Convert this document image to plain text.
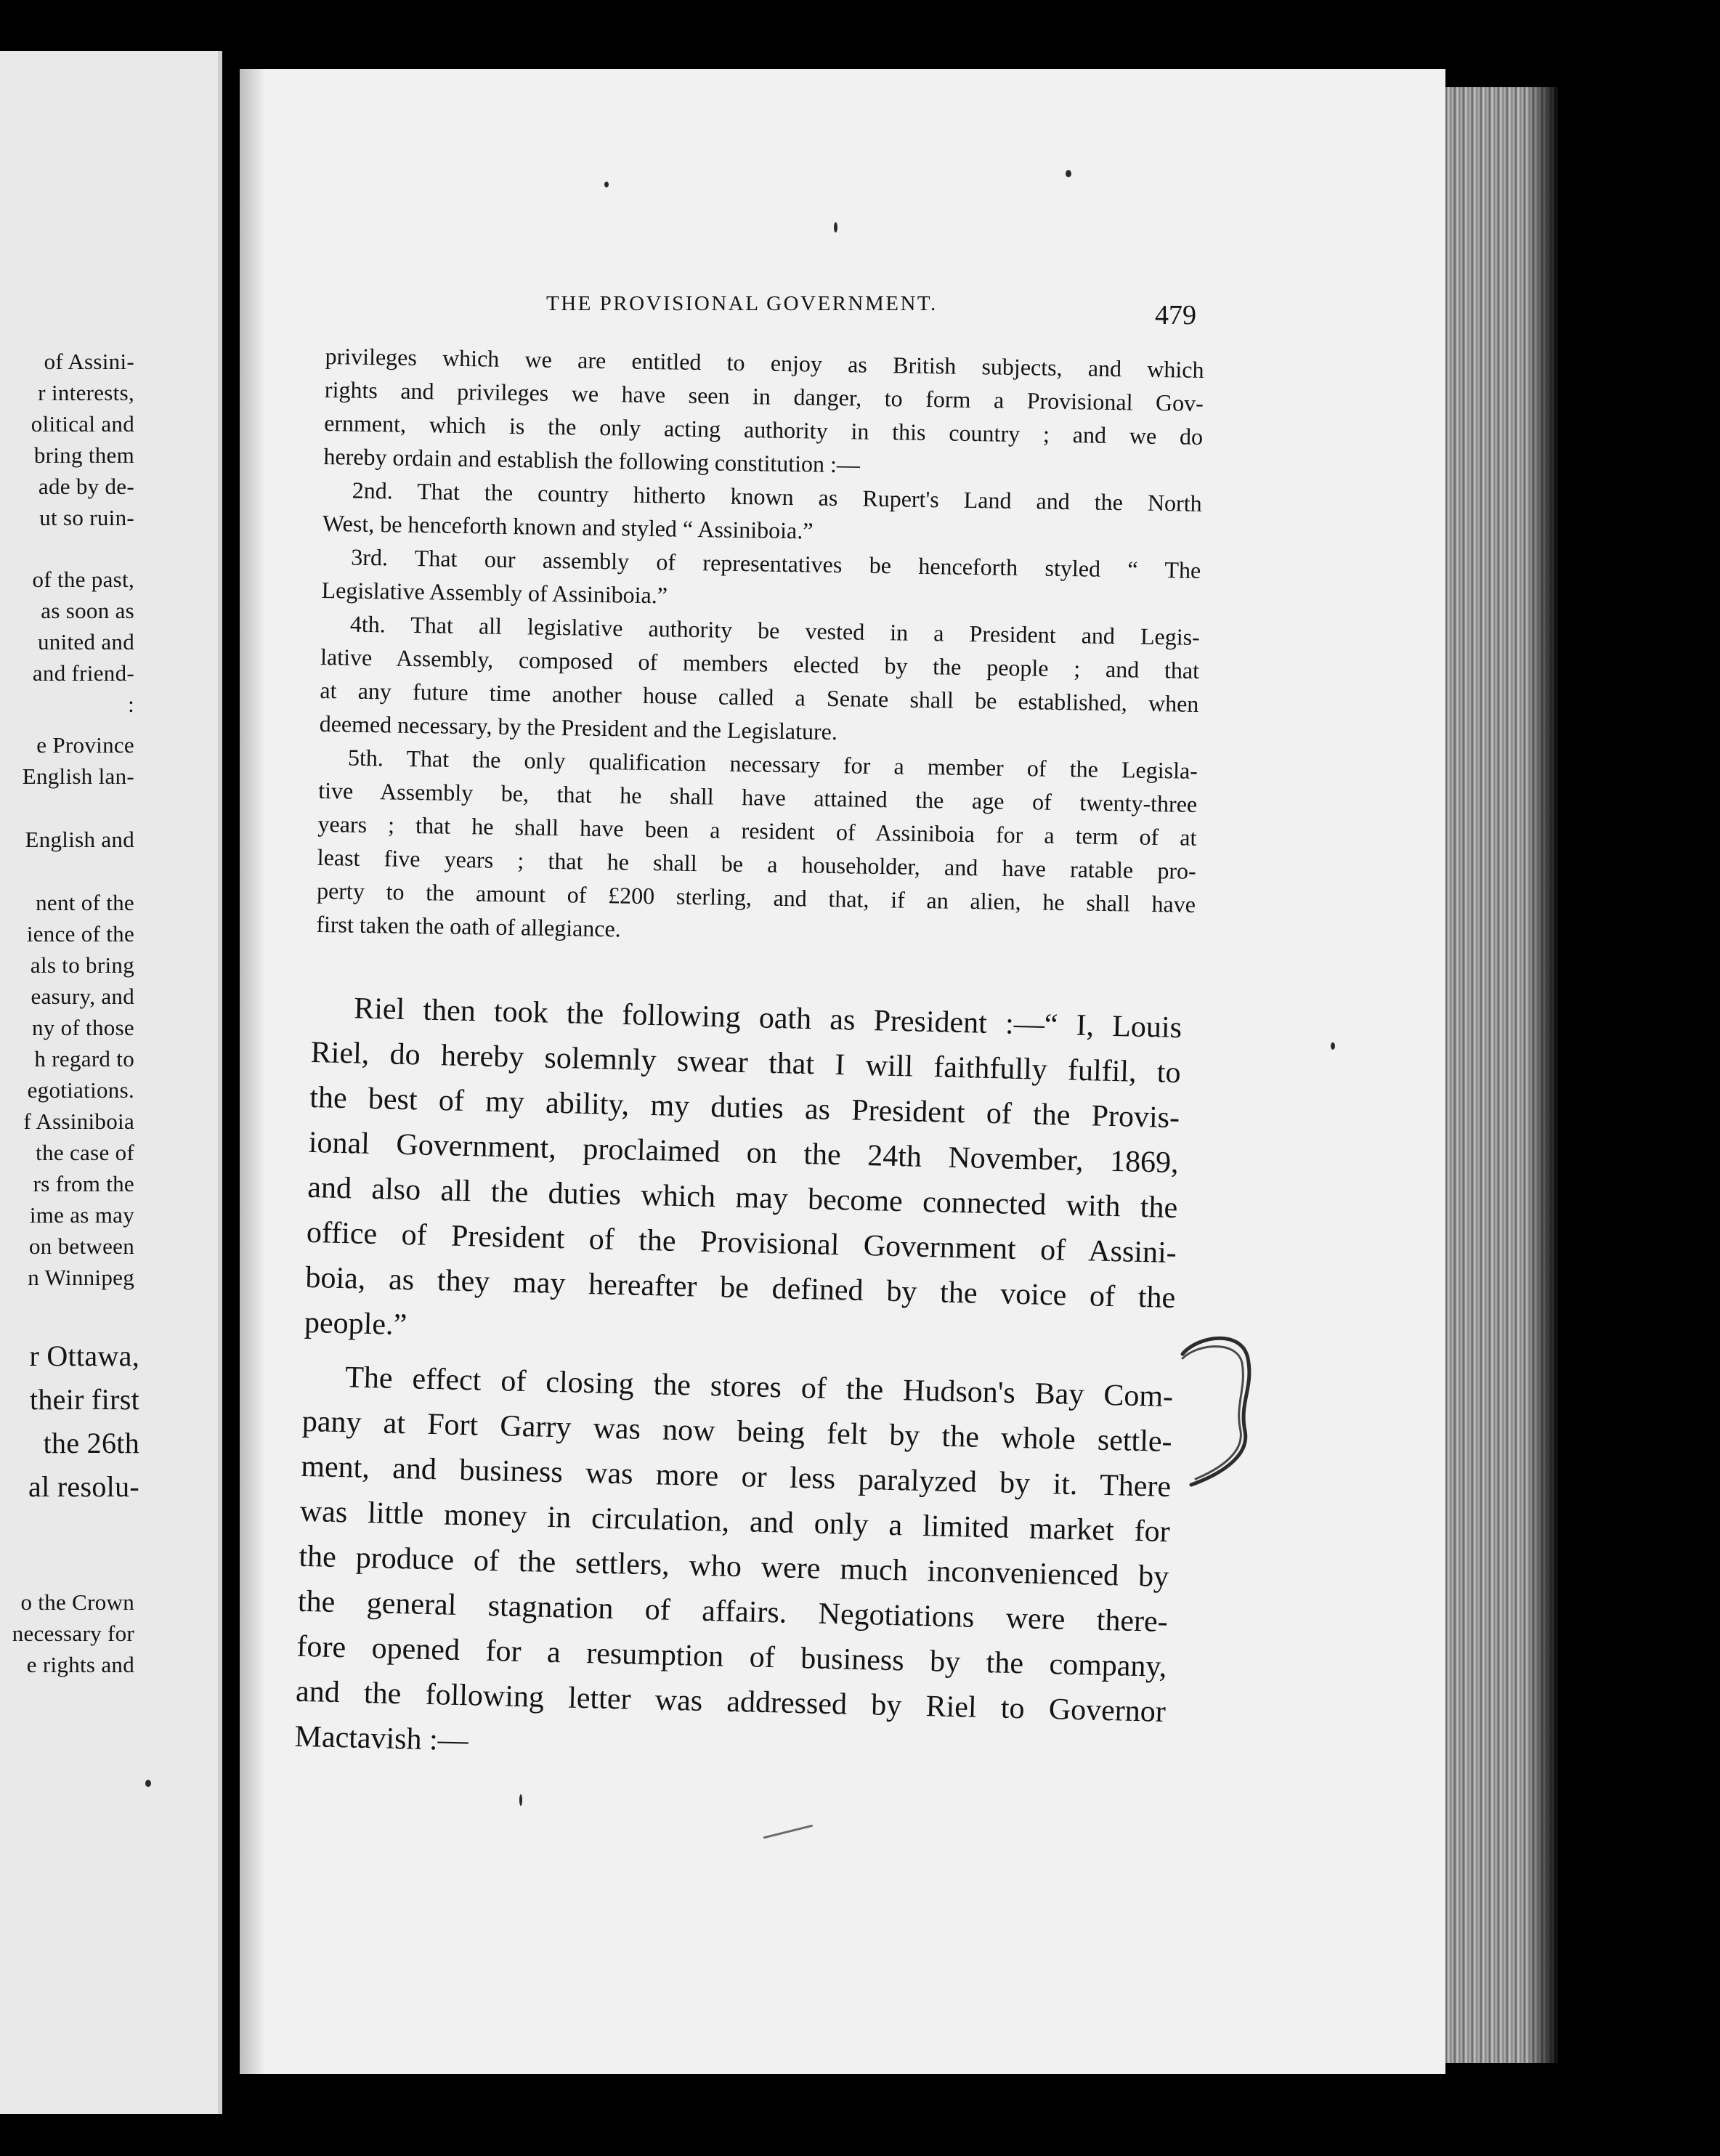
of Assini-
r interests,
olitical and
bring them
ade by de-
ut so ruin-
of the past,
as soon as
united and
and friend-
:
e Province
English lan-
English and
nent of the
ience of the
als to bring
easury, and
ny of those
h regard to
egotiations.
f Assiniboia
the case of
rs from the
ime as may
on between
n Winnipeg
r Ottawa,
their first
the 26th
al resolu-
o the Crown
necessary for
e rights and
THE PROVISIONAL GOVERNMENT.	479
privileges which we are entitled to enjoy as British subjects, and which
rights and privileges we have seen in danger, to form a Provisional Gov-
ernment, which is the only acting authority in this country ; and we do
hereby ordain and establish the following constitution :—
2nd. That the country hitherto known as Rupert's Land and the North
West, be henceforth known and styled “ Assiniboia.”
3rd. That our assembly of representatives be henceforth styled “ The
Legislative Assembly of Assiniboia.”
4th. That all legislative authority be vested in a President and Legis-
lative Assembly, composed of members elected by the people ; and that
at any future time another house called a Senate shall be established, when
deemed necessary, by the President and the Legislature.
5th. That the only qualification necessary for a member of the Legisla-
tive Assembly be, that he shall have attained the age of twenty-three
years ; that he shall have been a resident of Assiniboia for a term of at
least five years ; that he shall be a householder, and have ratable pro-
perty to the amount of £200 sterling, and that, if an alien, he shall have
first taken the oath of allegiance.
Riel then took the following oath as President :—“ I, Louis
Riel, do hereby solemnly swear that I will faithfully fulfil, to
the best of my ability, my duties as President of the Provis-
ional Government, proclaimed on the 24th November, 1869,
and also all the duties which may become connected with the
office of President of the Provisional Government of Assini-
boia, as they may hereafter be defined by the voice of the
people.”
The effect of closing the stores of the Hudson's Bay Com-
pany at Fort Garry was now being felt by the whole settle-
ment, and business was more or less paralyzed by it. There
was little money in circulation, and only a limited market for
the produce of the settlers, who were much inconvenienced by
the general stagnation of affairs. Negotiations were there-
fore opened for a resumption of business by the company,
and the following letter was addressed by Riel to Governor
Mactavish :—
